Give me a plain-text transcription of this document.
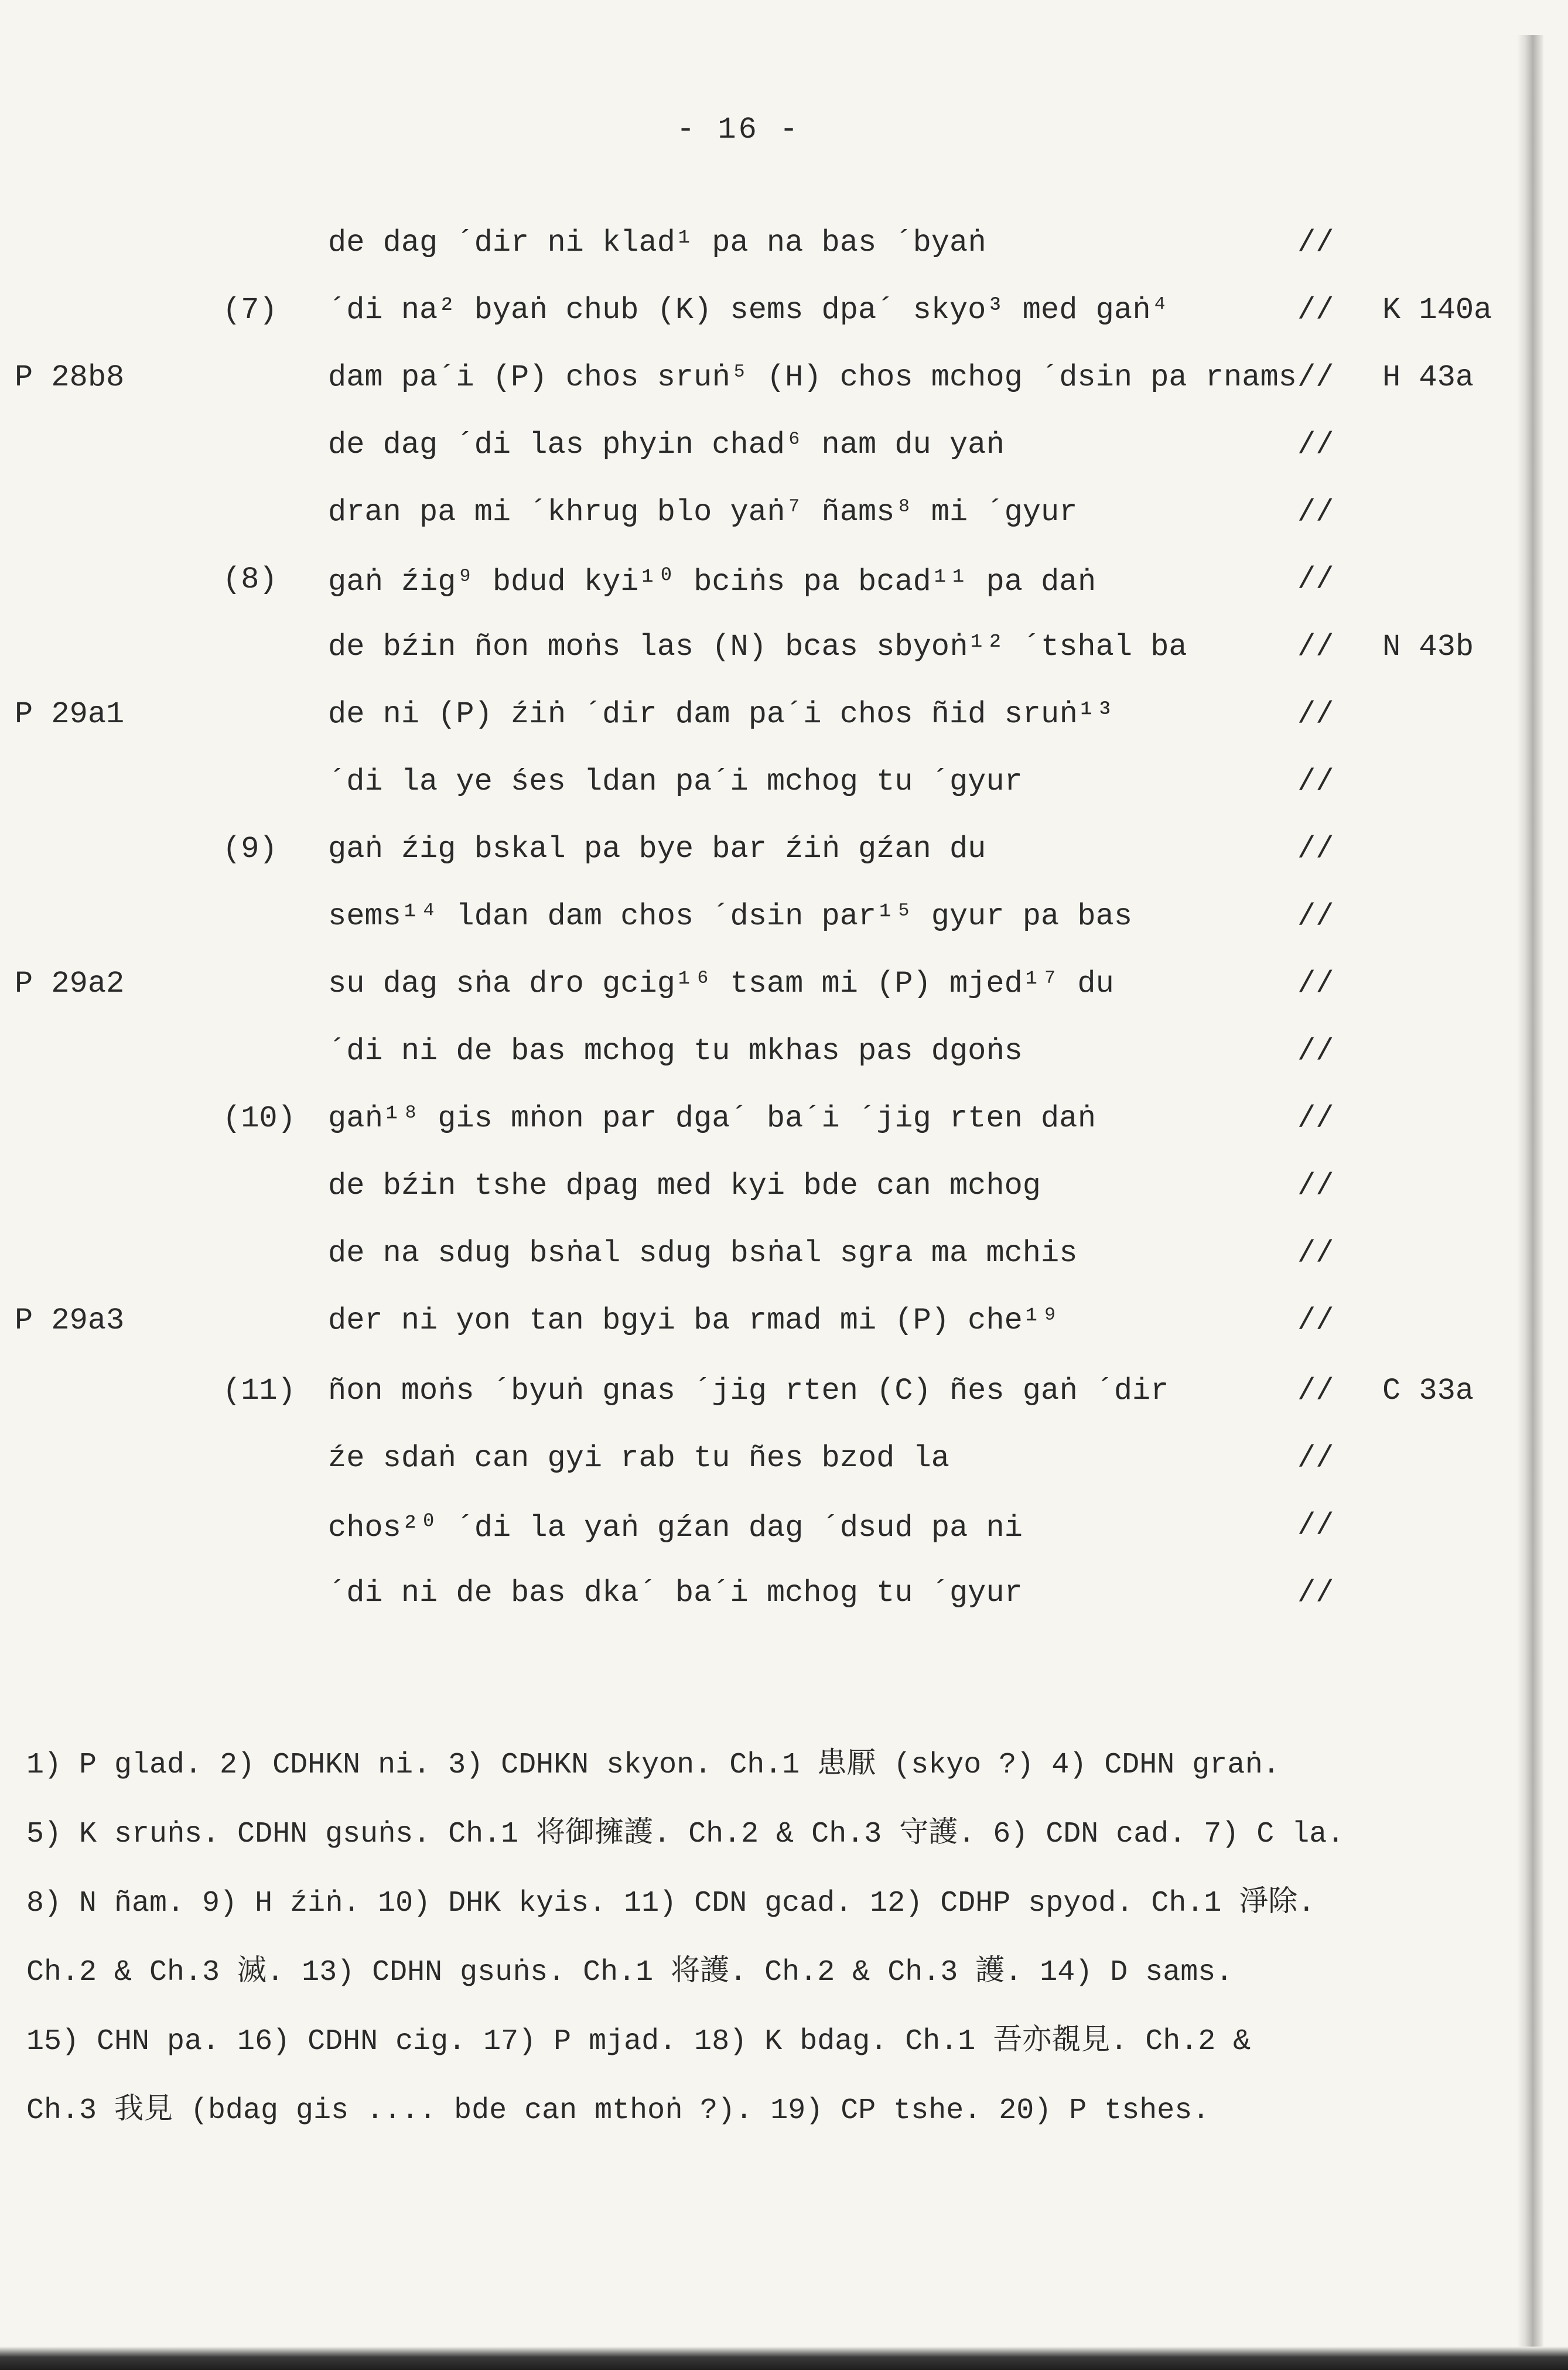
- 16 -
de dag ´dir ni klad¹ pa na bas ´byaṅ	//
(7) ´di na² byaṅ chub (K) sems dpa´ skyo³ med gaṅ⁴	// K 140a
P 28b8	dam pa´i (P) chos sruṅ⁵ (H) chos mchog ´dsin pa rnams // H 43a
de dag ´di las phyin chad⁶ nam du yaṅ	//
dran pa mi ´khrug blo yaṅ⁷ ñams⁸ mi ´gyur	//
(8) gaṅ źig⁹ bdud kyi¹⁰ bciṅs pa bcad¹¹ pa daṅ	//
de bźin ñon moṅs las (N) bcas sbyoṅ¹² ´tshal ba	// N 43b
P 29a1	de ni (P) źiṅ ´dir dam pa´i chos ñid sruṅ¹³	//
´di la ye śes ldan pa´i mchog tu ´gyur	//
(9) gaṅ źig bskal pa bye bar źiṅ gźan du	//
sems¹⁴ ldan dam chos ´dsin par¹⁵ gyur pa bas	//
P 29a2	su dag sṅa dro gcig¹⁶ tsam mi (P) mjed¹⁷ du	//
´di ni de bas mchog tu mkhas pas dgoṅs	//
(10) gaṅ¹⁸ gis mṅon par dga´ ba´i ´jig rten daṅ	//
de bźin tshe dpag med kyi bde can mchog	//
de na sdug bsṅal sdug bsṅal sgra ma mchis	//
P 29a3	der ni yon tan bgyi ba rmad mi (P) che¹⁹	//
(11) ñon moṅs ´byuṅ gnas ´jig rten (C) ñes gaṅ ´dir	// C 33a
źe sdaṅ can gyi rab tu ñes bzod la	//
chos²⁰ ´di la yaṅ gźan dag ´dsud pa ni	//
´di ni de bas dka´ ba´i mchog tu ´gyur	//
1) P glad. 2) CDHKN ni. 3) CDHKN skyon. Ch.1 患厭 (skyo ?) 4) CDHN graṅ.
5) K sruṅs. CDHN gsuṅs. Ch.1 将御擁護. Ch.2 & Ch.3 守護. 6) CDN cad. 7) C la.
8) N ñam. 9) H źiṅ. 10) DHK kyis. 11) CDN gcad. 12) CDHP spyod. Ch.1 淨除.
Ch.2 & Ch.3 滅. 13) CDHN gsuṅs. Ch.1 将護. Ch.2 & Ch.3 護. 14) D sams.
15) CHN pa. 16) CDHN cig. 17) P mjad. 18) K bdag. Ch.1 吾亦覩見. Ch.2 &
Ch.3 我見 (bdag gis .... bde can mthoṅ ?). 19) CP tshe. 20) P tshes.
